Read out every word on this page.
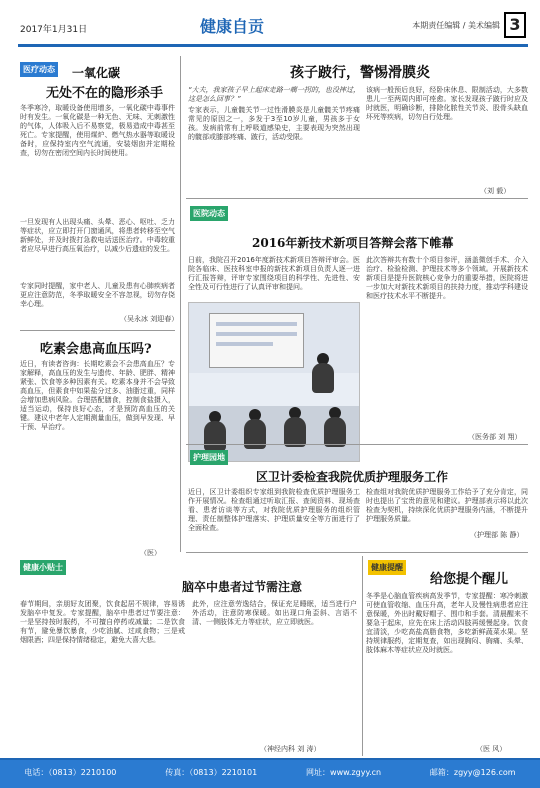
2017年1月31日	健康自贡	本期责任编辑 / 美术编辑 3
医疗动态 一氧化碳
无处不在的隐形杀手
冬季寒冷，取暖设备使用增多，一氧化碳中毒事件时有发生。一氧化碳是一种无色、无味、无刺激性的气体，人体吸入后不易察觉，极易造成中毒甚至死亡。专家提醒，使用煤炉、燃气热水器等取暖设备时，应保持室内空气流通，安装烟囱并定期检查，切勿在密闭空间内长时间使用。
一旦发现有人出现头痛、头晕、恶心、呕吐、乏力等症状，应立即打开门窗通风，将患者转移至空气新鲜处，并及时拨打急救电话送医治疗。中毒较重者应尽早进行高压氧治疗，以减少后遗症的发生。
专家同时提醒，家中老人、儿童及患有心肺疾病者更应注意防范，冬季取暖安全不容忽视，切勿存侥幸心理。
（吴永冰 刘迎春）
吃素会患高血压吗?
近日，有读者咨询：长期吃素会不会患高血压？专家解释，高血压的发生与遗传、年龄、肥胖、精神紧张、饮食等多种因素有关。吃素本身并不会导致高血压，但素食中如果盐分过多、油脂过重，同样会增加患病风险。合理搭配膳食，控制食盐摄入，适当运动，保持良好心态，才是预防高血压的关键。建议中老年人定期测量血压，做到早发现、早干预、早治疗。
（医）
孩子跛行，警惕滑膜炎
“大夫，我家孩子早上起床走路一瘸一拐的，也没摔过，这是怎么回事？”
专家表示，儿童髋关节一过性滑膜炎是儿童髋关节疼痛常见的原因之一，多发于3至10岁儿童，男孩多于女孩。发病前常有上呼吸道感染史，主要表现为突然出现的髋部或膝部疼痛、跛行，活动受限。
该病一般预后良好，经卧床休息、限制活动，大多数患儿一至两周内即可痊愈。家长发现孩子跛行时应及时就医，明确诊断，排除化脓性关节炎、股骨头缺血坏死等疾病，切勿自行处理。
（刘 毅）
医院动态
2016年新技术新项目答辩会落下帷幕
日前，我院召开2016年度新技术新项目答辩评审会。医院各临床、医技科室申报的新技术新项目负责人逐一进行汇报答辩，评审专家围绕项目的科学性、先进性、安全性及可行性进行了认真评审和提问。
此次答辩共有数十个项目参评，涵盖微创手术、介入治疗、检验检测、护理技术等多个领域。开展新技术新项目是提升医院核心竞争力的重要举措，医院将进一步加大对新技术新项目的扶持力度，推动学科建设和医疗技术水平不断提升。
（医务部 刘 翔）
护理园地
区卫计委检查我院优质护理服务工作
近日，区卫计委组织专家组到我院检查优质护理服务工作开展情况。检查组通过听取汇报、查阅资料、现场查看、患者访谈等方式，对我院优质护理服务的组织管理、责任制整体护理落实、护理质量安全等方面进行了全面检查。
检查组对我院优质护理服务工作给予了充分肯定，同时也提出了宝贵的意见和建议。护理部表示将以此次检查为契机，持续深化优质护理服务内涵，不断提升护理服务质量。
（护理部 陈 静）
健康提醒
给您提个醒儿
冬季是心脑血管疾病高发季节，专家提醒：寒冷刺激可使血管收缩、血压升高，老年人及慢性病患者应注意保暖，外出时戴好帽子、围巾和手套。清晨醒来不要急于起床，应先在床上活动四肢再缓慢起身。饮食宜清淡，少吃高盐高脂食物，多吃新鲜蔬菜水果。坚持规律服药，定期复查，如出现胸闷、胸痛、头晕、肢体麻木等症状应及时就医。
（医 风）
健康小贴士
脑卒中患者过节需注意
春节期间，亲朋好友团聚，饮食起居不规律，容易诱发脑卒中复发。专家提醒，脑卒中患者过节要注意：一是坚持按时服药，不可擅自停药或减量；二是饮食有节，避免暴饮暴食，少吃油腻、过咸食物；三是戒烟限酒；四是保持情绪稳定，避免大喜大悲。
此外，应注意劳逸结合，保证充足睡眠，适当进行户外活动，注意防寒保暖。如出现口角歪斜、言语不清、一侧肢体无力等症状，应立即就医。
（神经内科 刘 涛）
电话：（0813）2210100	传真：（0813）2210101	网址：www.zgyy.cn	邮箱：zgyy@126.com
